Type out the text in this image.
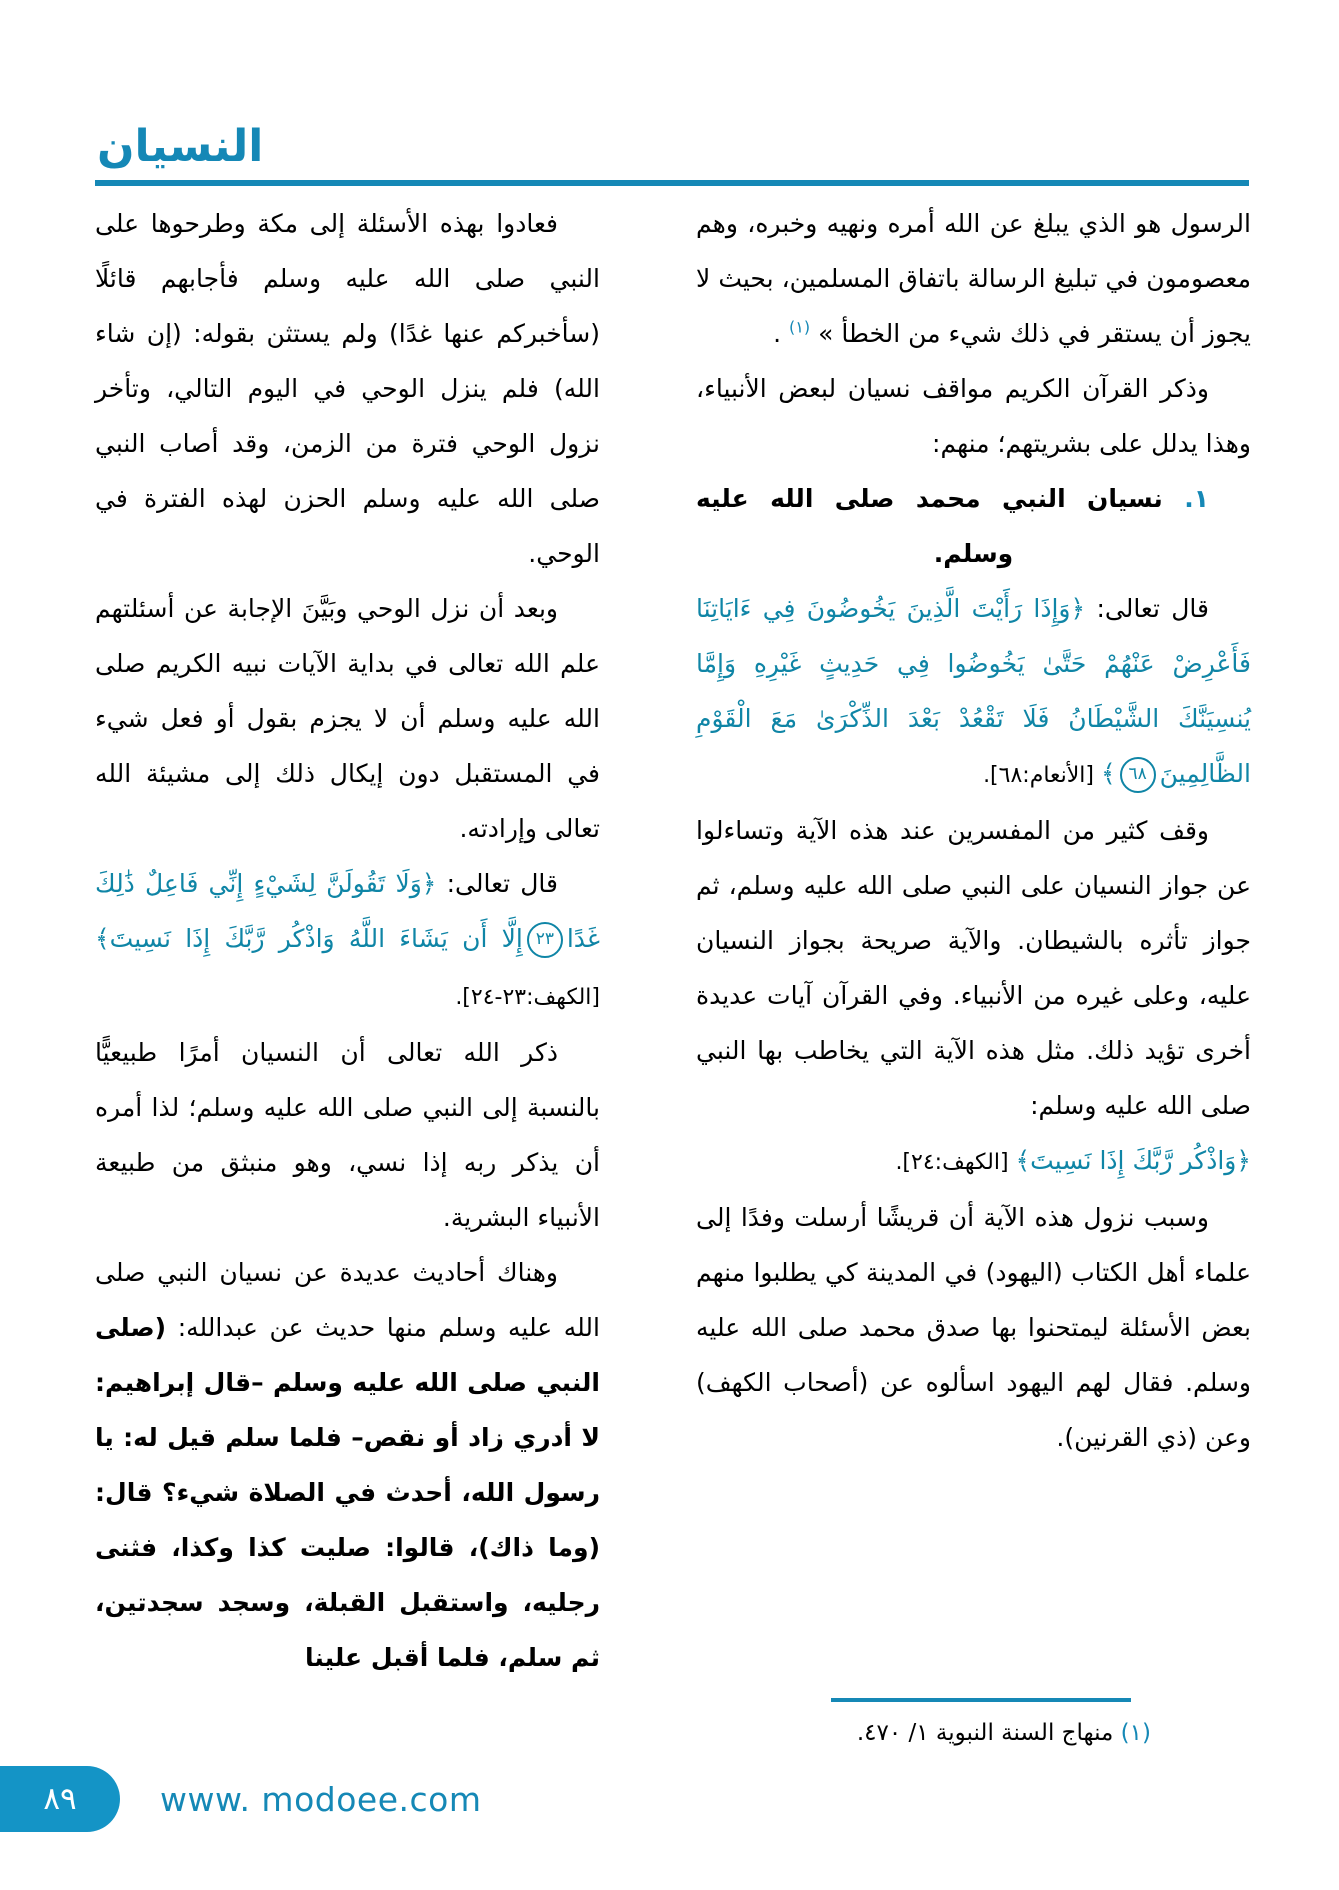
النسيان

الرسول هو الذي يبلغ عن الله أمره ونهيه وخبره، وهم معصومون في تبليغ الرسالة باتفاق المسلمين، بحيث لا يجوز أن يستقر في ذلك شيء من الخطأ » $^{(١)}$ .

وذكر القرآن الكريم مواقف نسيان لبعض الأنبياء، وهذا يدلل على بشريتهم؛ منهم:

١. نسيان النبي محمد صلى الله عليه وسلم.

قال تعالى: ﴿وَإِذَا رَأَيْتَ الَّذِينَ يَخُوضُونَ فِي ءَايَاتِنَا فَأَعْرِضْ عَنْهُمْ حَتَّىٰ يَخُوضُوا فِي حَدِيثٍ غَيْرِهِ وَإِمَّا يُنسِيَنَّكَ الشَّيْطَانُ فَلَا تَقْعُدْ بَعْدَ الذِّكْرَىٰ مَعَ الْقَوْمِ الظَّالِمِينَ٦٨﴾ [الأنعام:٦٨].

وقف كثير من المفسرين عند هذه الآية وتساءلوا عن جواز النسيان على النبي صلى الله عليه وسلم، ثم جواز تأثره بالشيطان. والآية صريحة بجواز النسيان عليه، وعلى غيره من الأنبياء. وفي القرآن آيات عديدة أخرى تؤيد ذلك. مثل هذه الآية التي يخاطب بها النبي صلى الله عليه وسلم:

﴿وَاذْكُر رَّبَّكَ إِذَا نَسِيتَ﴾ [الكهف:٢٤].

وسبب نزول هذه الآية أن قريشًا أرسلت وفدًا إلى علماء أهل الكتاب (اليهود) في المدينة كي يطلبوا منهم بعض الأسئلة ليمتحنوا بها صدق محمد صلى الله عليه وسلم. فقال لهم اليهود اسألوه عن (أصحاب الكهف) وعن (ذي القرنين).

(١) منهاج السنة النبوية ١/ ٤٧٠.

فعادوا بهذه الأسئلة إلى مكة وطرحوها على النبي صلى الله عليه وسلم فأجابهم قائلًا (سأخبركم عنها غدًا) ولم يستثن بقوله: (إن شاء الله) فلم ينزل الوحي في اليوم التالي، وتأخر نزول الوحي فترة من الزمن، وقد أصاب النبي صلى الله عليه وسلم الحزن لهذه الفترة في الوحي.

وبعد أن نزل الوحي وبَيَّنَ الإجابة عن أسئلتهم علم الله تعالى في بداية الآيات نبيه الكريم صلى الله عليه وسلم أن لا يجزم بقول أو فعل شيء في المستقبل دون إيكال ذلك إلى مشيئة الله تعالى وإرادته.

قال تعالى: ﴿وَلَا تَقُولَنَّ لِشَيْءٍ إِنِّي فَاعِلٌ ذَٰلِكَ غَدًا٢٣إِلَّا أَن يَشَاءَ اللَّهُ وَاذْكُر رَّبَّكَ إِذَا نَسِيتَ﴾ [الكهف:٢٣-٢٤].

ذكر الله تعالى أن النسيان أمرًا طبيعيًّا بالنسبة إلى النبي صلى الله عليه وسلم؛ لذا أمره أن يذكر ربه إذا نسي، وهو منبثق من طبيعة الأنبياء البشرية.

وهناك أحاديث عديدة عن نسيان النبي صلى الله عليه وسلم منها حديث عن عبدالله: (صلى النبي صلى الله عليه وسلم –قال إبراهيم: لا أدري زاد أو نقص– فلما سلم قيل له: يا رسول الله، أحدث في الصلاة شيء؟ قال: (وما ذاك)، قالوا: صليت كذا وكذا، فثنى رجليه، واستقبل القبلة، وسجد سجدتين، ثم سلم، فلما أقبل علينا

٨٩	www. modoee.com
